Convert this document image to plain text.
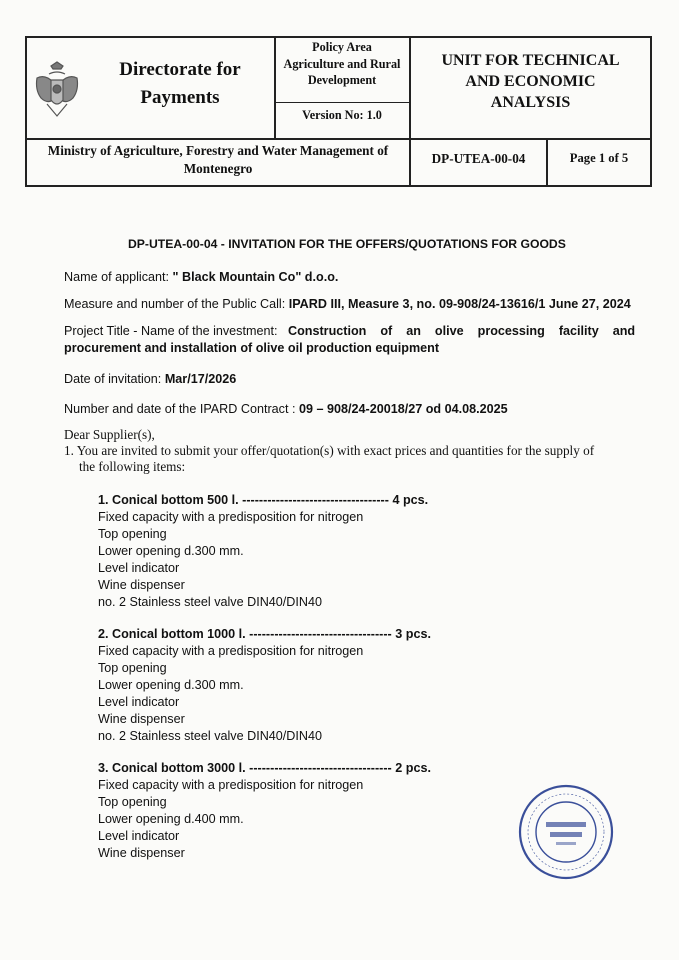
Directorate for
Payments
Policy Area
Agriculture and Rural
Development
Version No: 1.0
UNIT FOR TECHNICAL
AND ECONOMIC
ANALYSIS
Ministry of Agriculture, Forestry and Water Management of
Montenegro
DP-UTEA-00-04	Page 1 of 5
DP-UTEA-00-04 - INVITATION FOR THE OFFERS/QUOTATIONS FOR GOODS
Name of applicant: " Black Mountain Co" d.o.o.
Measure and number of the Public Call: IPARD III, Measure 3, no. 09-908/24-13616/1 June 27, 2024
Project Title - Name of the investment: Construction of an olive processing facility and
procurement and installation of olive oil production equipment
Date of invitation: Mar/17/2026
Number and date of the IPARD Contract : 09 – 908/24-20018/27 od 04.08.2025
Dear Supplier(s),
1. You are invited to submit your offer/quotation(s) with exact prices and quantities for the supply of
the following items:
1. Conical bottom 500 l. ----------------------------------- 4 pcs.
Fixed capacity with a predisposition for nitrogen
Top opening
Lower opening d.300 mm.
Level indicator
Wine dispenser
no. 2 Stainless steel valve DIN40/DIN40
2. Conical bottom 1000 l. ---------------------------------- 3 pcs.
Fixed capacity with a predisposition for nitrogen
Top opening
Lower opening d.300 mm.
Level indicator
Wine dispenser
no. 2 Stainless steel valve DIN40/DIN40
3. Conical bottom 3000 l. ---------------------------------- 2 pcs.
Fixed capacity with a predisposition for nitrogen
Top opening
Lower opening d.400 mm.
Level indicator
Wine dispenser
